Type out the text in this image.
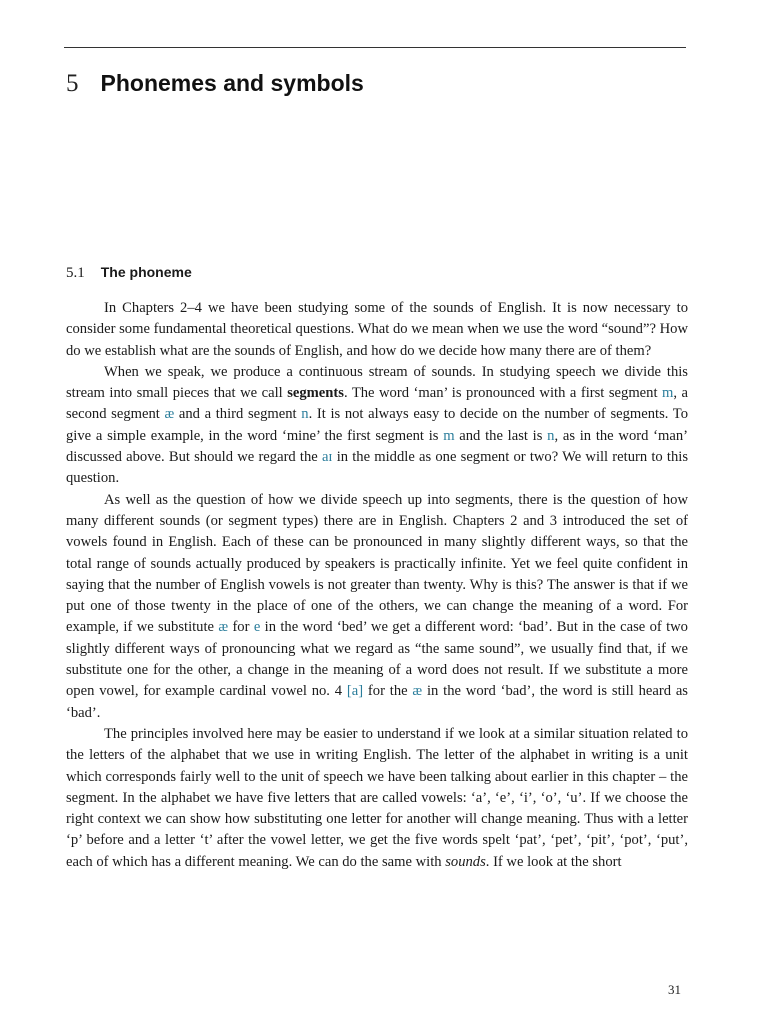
5 Phonemes and symbols
5.1 The phoneme

In Chapters 2–4 we have been studying some of the sounds of English. It is now necessary to consider some fundamental theoretical questions. What do we mean when we use the word “sound”? How do we establish what are the sounds of English, and how do we decide how many there are of them?

When we speak, we produce a continuous stream of sounds. In studying speech we divide this stream into small pieces that we call segments. The word ‘man’ is pronounced with a first segment m, a second segment æ and a third segment n. It is not always easy to decide on the number of segments. To give a simple example, in the word ‘mine’ the first segment is m and the last is n, as in the word ‘man’ discussed above. But should we regard the aɪ in the middle as one segment or two? We will return to this question.

As well as the question of how we divide speech up into segments, there is the question of how many different sounds (or segment types) there are in English. Chapters 2 and 3 introduced the set of vowels found in English. Each of these can be pronounced in many slightly different ways, so that the total range of sounds actually produced by speakers is practically infinite. Yet we feel quite confident in saying that the number of English vowels is not greater than twenty. Why is this? The answer is that if we put one of those twenty in the place of one of the others, we can change the meaning of a word. For example, if we substitute æ for e in the word ‘bed’ we get a different word: ‘bad’. But in the case of two slightly different ways of pronouncing what we regard as “the same sound”, we usually find that, if we substitute one for the other, a change in the meaning of a word does not result. If we substitute a more open vowel, for example cardinal vowel no. 4 [a] for the æ in the word ‘bad’, the word is still heard as ‘bad’.

The principles involved here may be easier to understand if we look at a similar situation related to the letters of the alphabet that we use in writing English. The letter of the alphabet in writing is a unit which corresponds fairly well to the unit of speech we have been talking about earlier in this chapter – the segment. In the alphabet we have five letters that are called vowels: ‘a’, ‘e’, ‘i’, ‘o’, ‘u’. If we choose the right context we can show how substituting one letter for another will change meaning. Thus with a letter ‘p’ before and a letter ‘t’ after the vowel letter, we get the five words spelt ‘pat’, ‘pet’, ‘pit’, ‘pot’, ‘put’, each of which has a different meaning. We can do the same with sounds. If we look at the short

31
